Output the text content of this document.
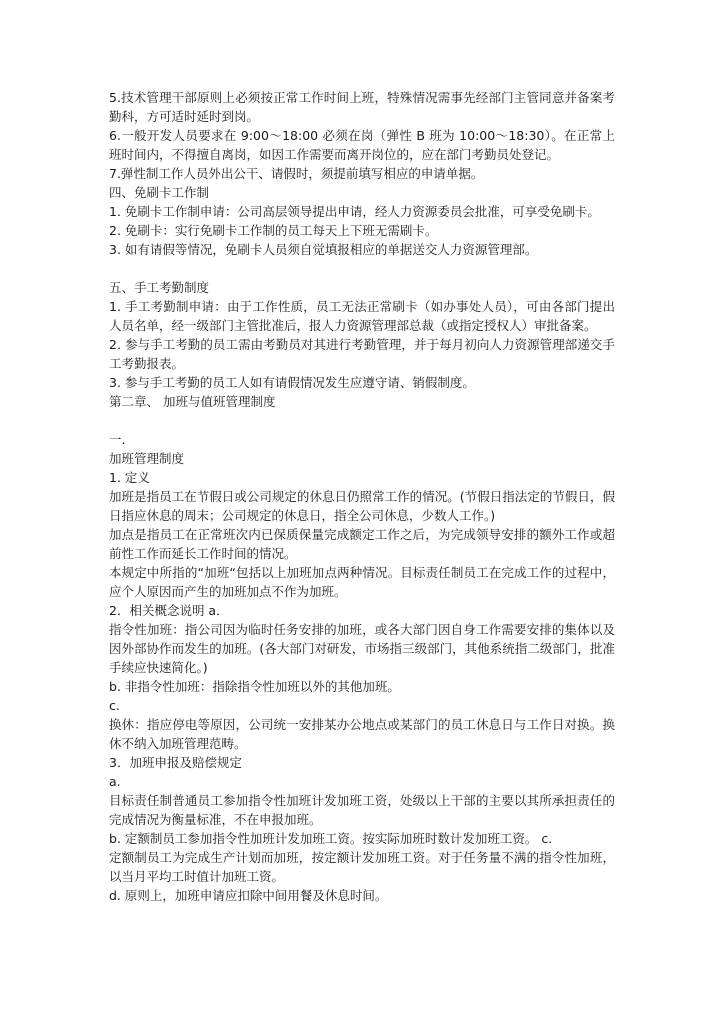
5.技术管理干部原则上必须按正常工作时间上班，特殊情况需事先经部门主管同意并备案考勤科，方可适时延时到岗。

6.一般开发人员要求在 9:00～18:00 必须在岗（弹性 B 班为 10:00～18:30）。在正常上班时间内，不得擅自离岗，如因工作需要而离开岗位的，应在部门考勤员处登记。

7.弹性制工作人员外出公干、请假时，须提前填写相应的申请单据。

四、免刷卡工作制

1. 免刷卡工作制申请：公司高层领导提出申请，经人力资源委员会批准，可享受免刷卡。

2. 免刷卡：实行免刷卡工作制的员工每天上下班无需刷卡。

3. 如有请假等情况，免刷卡人员须自觉填报相应的单据送交人力资源管理部。

五、手工考勤制度

1. 手工考勤制申请：由于工作性质，员工无法正常刷卡（如办事处人员），可由各部门提出人员名单，经一级部门主管批准后，报人力资源管理部总裁（或指定授权人）审批备案。

2. 参与手工考勤的员工需由考勤员对其进行考勤管理，并于每月初向人力资源管理部递交手工考勤报表。

3. 参与手工考勤的员工人如有请假情况发生应遵守请、销假制度。

第二章、 加班与值班管理制度

一.

加班管理制度

1. 定义

加班是指员工在节假日或公司规定的休息日仍照常工作的情况。(节假日指法定的节假日，假日指应休息的周末；公司规定的休息日，指全公司休息，少数人工作。)

加点是指员工在正常班次内已保质保量完成额定工作之后，为完成领导安排的额外工作或超前性工作而延长工作时间的情况。

本规定中所指的“加班“包括以上加班加点两种情况。目标责任制员工在完成工作的过程中，应个人原因而产生的加班加点不作为加班。

2．相关概念说明 a．

指令性加班：指公司因为临时任务安排的加班，或各大部门因自身工作需要安排的集体以及因外部协作而发生的加班。(各大部门对研发，市场指三级部门，其他系统指二级部门，批准手续应快速简化。)

b. 非指令性加班：指除指令性加班以外的其他加班。

c.

换休：指应停电等原因，公司统一安排某办公地点或某部门的员工休息日与工作日对换。换休不纳入加班管理范畴。

3．加班申报及赔偿规定

a.

目标责任制普通员工参加指令性加班计发加班工资，处级以上干部的主要以其所承担责任的完成情况为衡量标准，不在申报加班。

b. 定额制员工参加指令性加班计发加班工资。按实际加班时数计发加班工资。 c.

定额制员工为完成生产计划而加班，按定额计发加班工资。对于任务量不满的指令性加班，以当月平均工时值计加班工资。

d. 原则上，加班申请应扣除中间用餐及休息时间。
